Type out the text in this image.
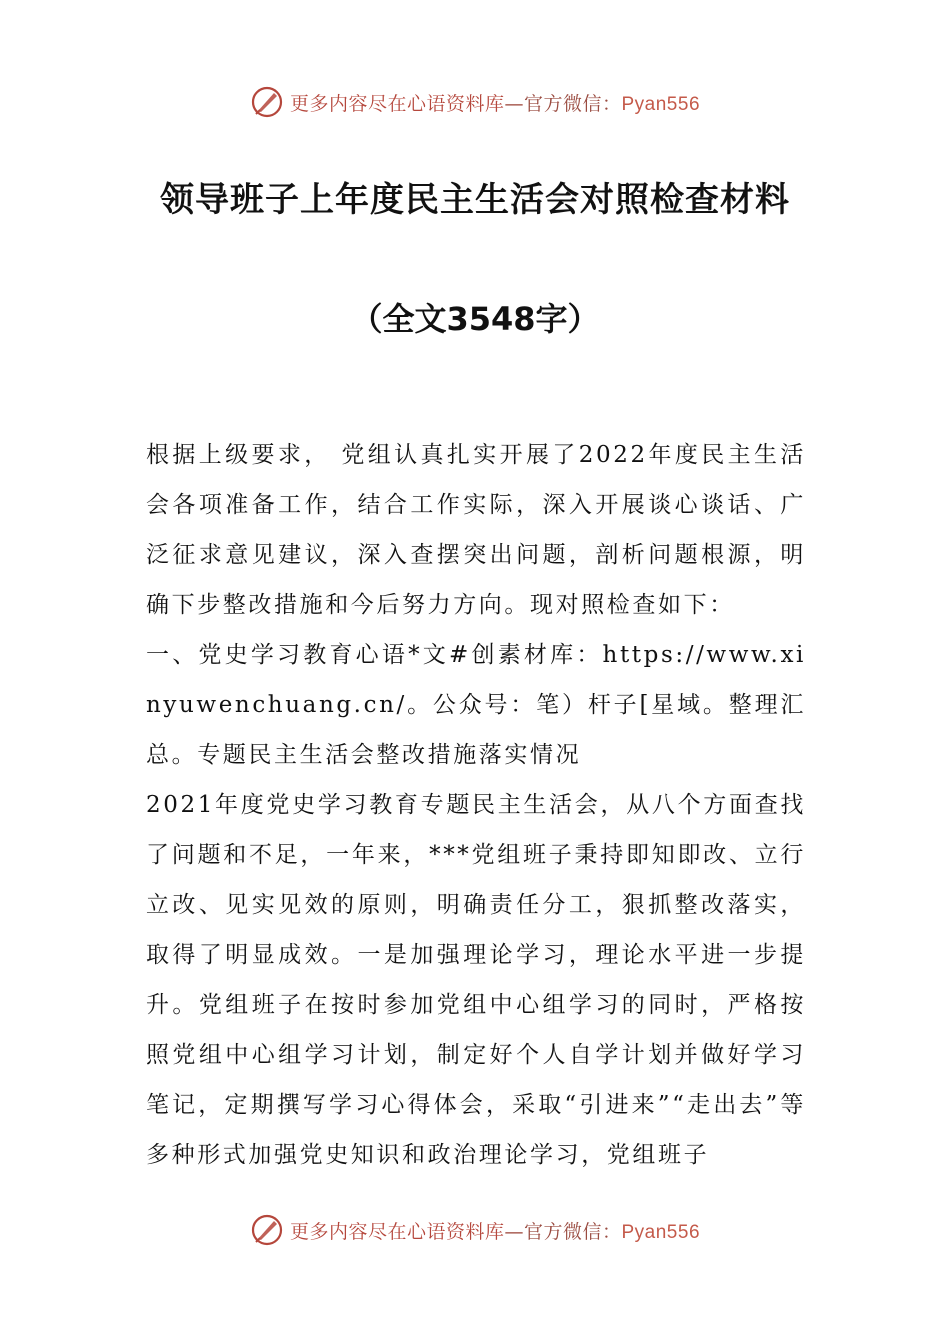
更多内容尽在心语资料库—官方微信：Pyan556
领导班子上年度民主生活会对照检查材料
（全文3548字）

根据上级要求， 党组认真扎实开展了2022年度民主生活会各项准备工作，结合工作实际，深入开展谈心谈话、广泛征求意见建议，深入查摆突出问题，剖析问题根源，明确下步整改措施和今后努力方向。现对照检查如下：

一、党史学习教育心语*文#创素材库：https://www.xinyuwenchuang.cn/。公众号：笔）杆子[星域。整理汇总。专题民主生活会整改措施落实情况

2021年度党史学习教育专题民主生活会，从八个方面查找了问题和不足，一年来，***党组班子秉持即知即改、立行立改、见实见效的原则，明确责任分工，狠抓整改落实，取得了明显成效。一是加强理论学习，理论水平进一步提升。党组班子在按时参加党组中心组学习的同时，严格按照党组中心组学习计划，制定好个人自学计划并做好学习笔记，定期撰写学习心得体会，采取“引进来”“走出去”等多种形式加强党史知识和政治理论学习，党组班子

更多内容尽在心语资料库—官方微信：Pyan556
